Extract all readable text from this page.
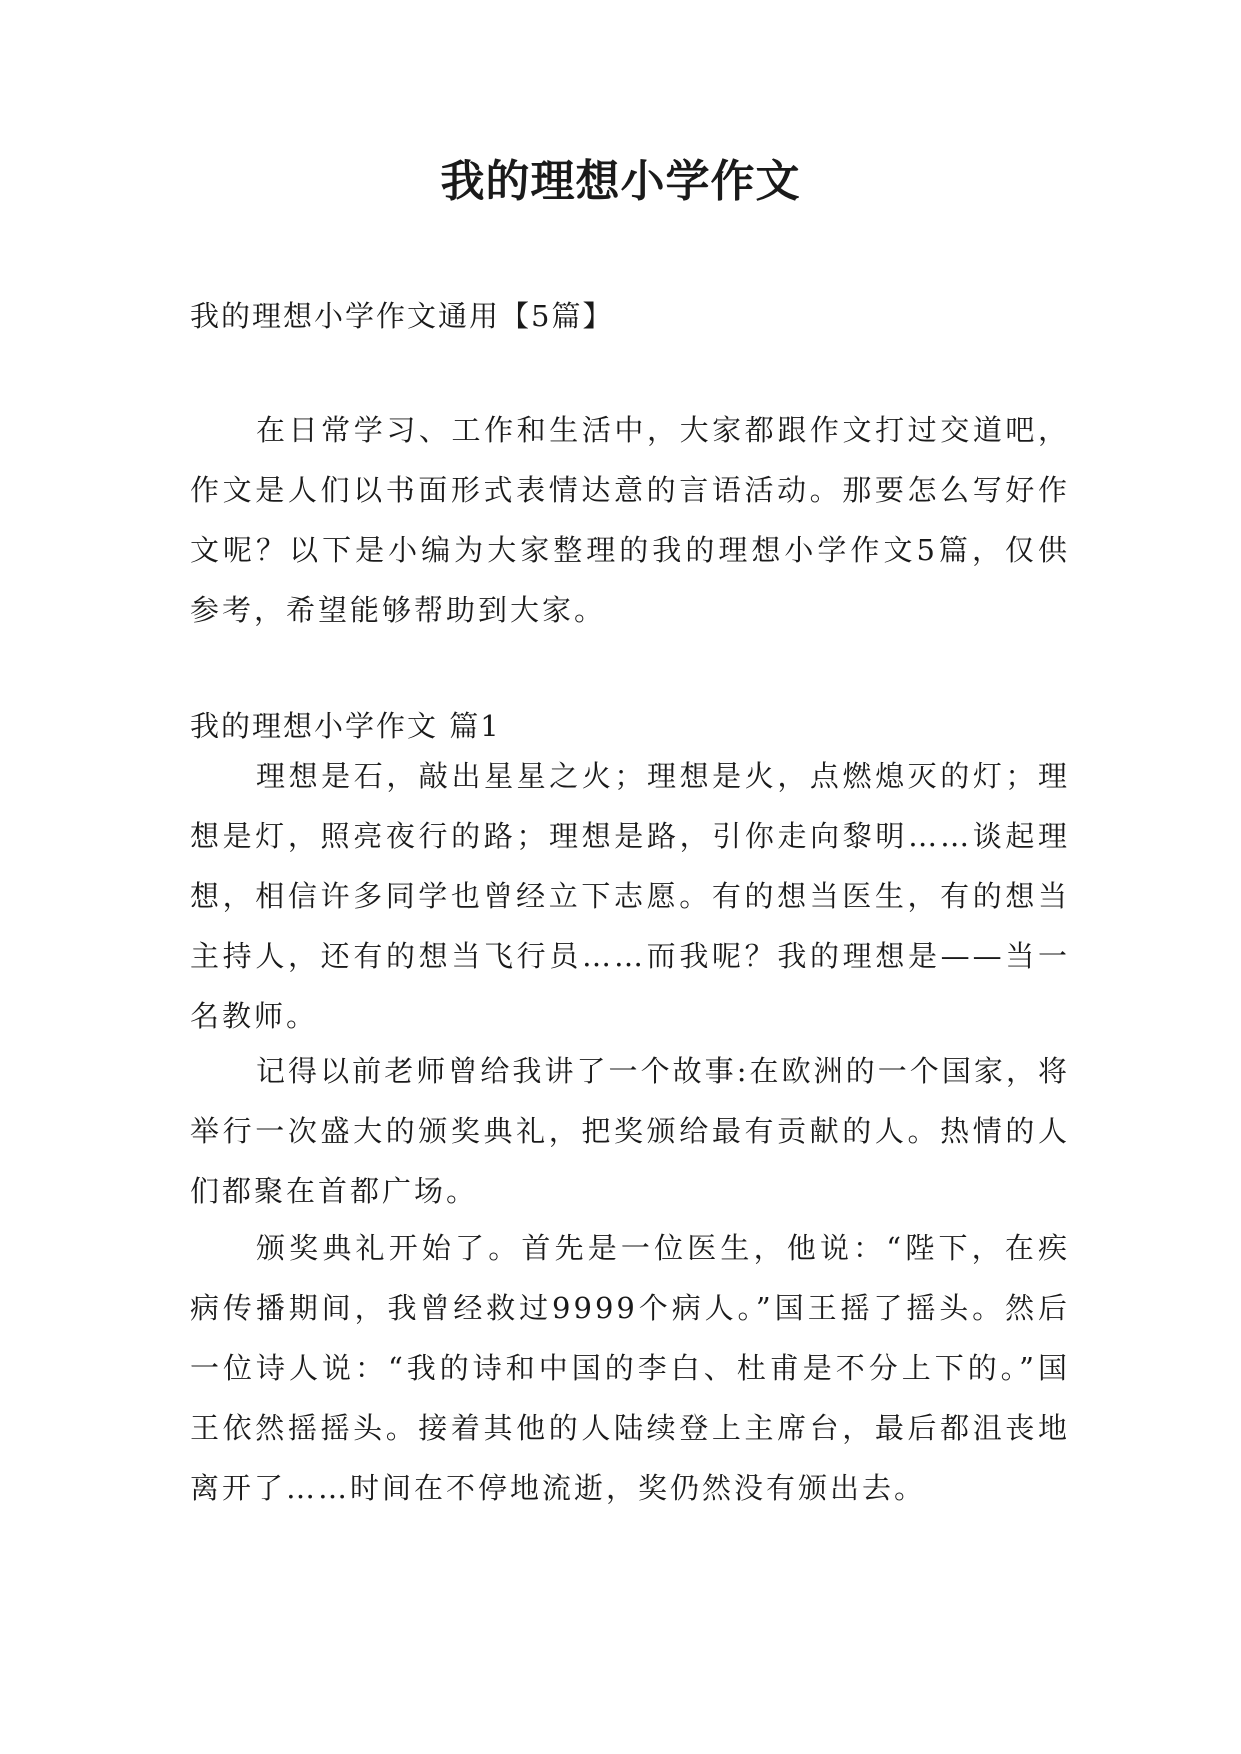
我的理想小学作文

我的理想小学作文通用【5篇】

在日常学习、工作和生活中，大家都跟作文打过交道吧，作文是人们以书面形式表情达意的言语活动。那要怎么写好作文呢？以下是小编为大家整理的我的理想小学作文5篇，仅供参考，希望能够帮助到大家。

我的理想小学作文 篇1

理想是石，敲出星星之火；理想是火，点燃熄灭的灯；理想是灯，照亮夜行的路；理想是路，引你走向黎明……谈起理想，相信许多同学也曾经立下志愿。有的想当医生，有的想当主持人，还有的想当飞行员……而我呢？我的理想是——当一名教师。

记得以前老师曾给我讲了一个故事:在欧洲的一个国家，将举行一次盛大的颁奖典礼，把奖颁给最有贡献的人。热情的人们都聚在首都广场。

颁奖典礼开始了。首先是一位医生，他说：“陛下，在疾病传播期间，我曾经救过9999个病人。”国王摇了摇头。然后一位诗人说：“我的诗和中国的李白、杜甫是不分上下的。”国王依然摇摇头。接着其他的人陆续登上主席台，最后都沮丧地离开了……时间在不停地流逝，奖仍然没有颁出去。
